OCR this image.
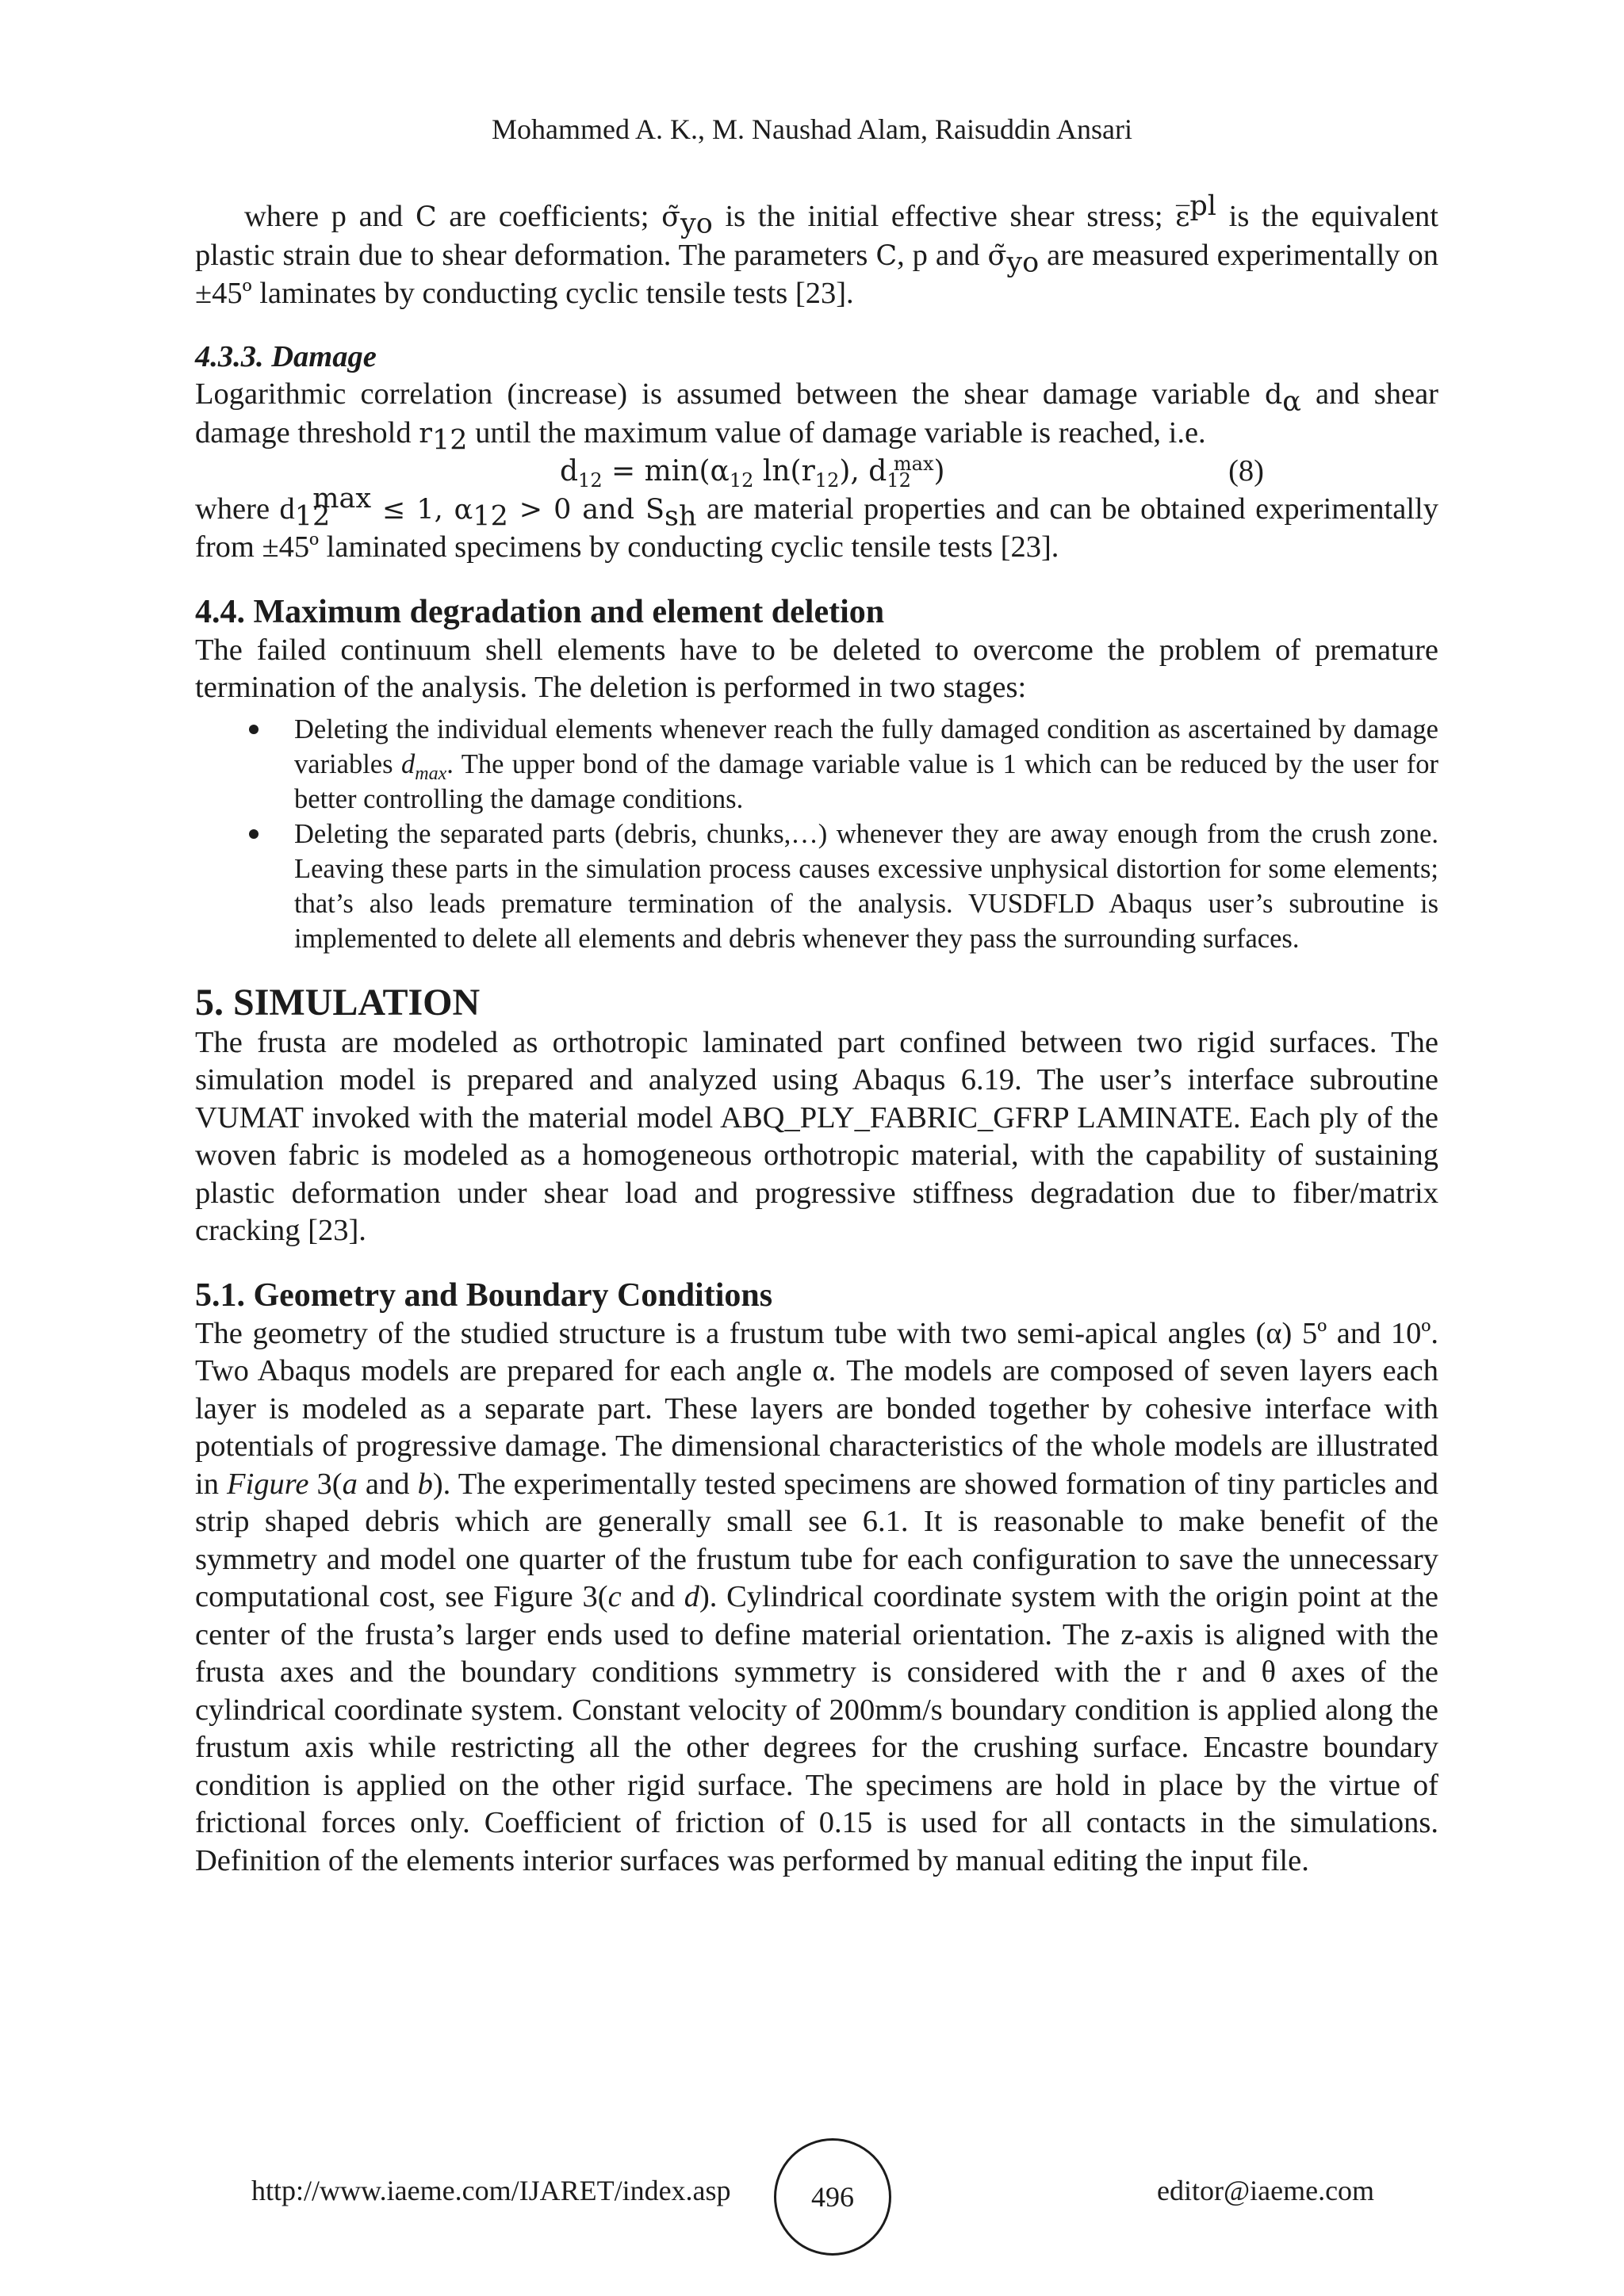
Mohammed A. K., M. Naushad Alam, Raisuddin Ansari

where p and C are coefficients; $\sigmã_{yo}$ is the initial effective shear stress; ε̅$^{pl}$ is the equivalent plastic strain due to shear deformation. The parameters C, p and $\sigmã_{yo}$ are measured experimentally on ±45º laminates by conducting cyclic tensile tests [23].

4.3.3. Damage

Logarithmic correlation (increase) is assumed between the shear damage variable $d_\alpha$ and shear damage threshold $r_{12}$ until the maximum value of damage variable is reached, i.e.

$d_{12} = \min(\alpha_{12}$ $\ln(r_{12})$, $d_{12}^{max}$)	(8)

where $d_{12}^{max} \le 1$, $\alpha_{12} > 0$ and $S_{sh}$ are material properties and can be obtained experimentally from ±45º laminated specimens by conducting cyclic tensile tests [23].

4.4. Maximum degradation and element deletion

The failed continuum shell elements have to be deleted to overcome the problem of premature termination of the analysis. The deletion is performed in two stages:

Deleting the individual elements whenever reach the fully damaged condition as ascertained by damage variables $d_{max}$. The upper bond of the damage variable value is 1 which can be reduced by the user for better controlling the damage conditions.
Deleting the separated parts (debris, chunks,…) whenever they are away enough from the crush zone. Leaving these parts in the simulation process causes excessive unphysical distortion for some elements; that’s also leads premature termination of the analysis. VUSDFLD Abaqus user’s subroutine is implemented to delete all elements and debris whenever they pass the surrounding surfaces.

5. SIMULATION

The frusta are modeled as orthotropic laminated part confined between two rigid surfaces. The simulation model is prepared and analyzed using Abaqus 6.19. The user’s interface subroutine VUMAT invoked with the material model ABQ_PLY_FABRIC_GFRP LAMINATE. Each ply of the woven fabric is modeled as a homogeneous orthotropic material, with the capability of sustaining plastic deformation under shear load and progressive stiffness degradation due to fiber/matrix cracking [23].

5.1. Geometry and Boundary Conditions

The geometry of the studied structure is a frustum tube with two semi-apical angles (α) 5º and 10º. Two Abaqus models are prepared for each angle α. The models are composed of seven layers each layer is modeled as a separate part. These layers are bonded together by cohesive interface with potentials of progressive damage. The dimensional characteristics of the whole models are illustrated in Figure 3(a and b). The experimentally tested specimens are showed formation of tiny particles and strip shaped debris which are generally small see 6.1. It is reasonable to make benefit of the symmetry and model one quarter of the frustum tube for each configuration to save the unnecessary computational cost, see Figure 3(c and d). Cylindrical coordinate system with the origin point at the center of the frusta’s larger ends used to define material orientation. The z-axis is aligned with the frusta axes and the boundary conditions symmetry is considered with the r and θ axes of the cylindrical coordinate system. Constant velocity of 200mm/s boundary condition is applied along the frustum axis while restricting all the other degrees for the crushing surface. Encastre boundary condition is applied on the other rigid surface. The specimens are hold in place by the virtue of frictional forces only. Coefficient of friction of 0.15 is used for all contacts in the simulations. Definition of the elements interior surfaces was performed by manual editing the input file.

http://www.iaeme.com/IJARET/index.asp	496	editor@iaeme.com
